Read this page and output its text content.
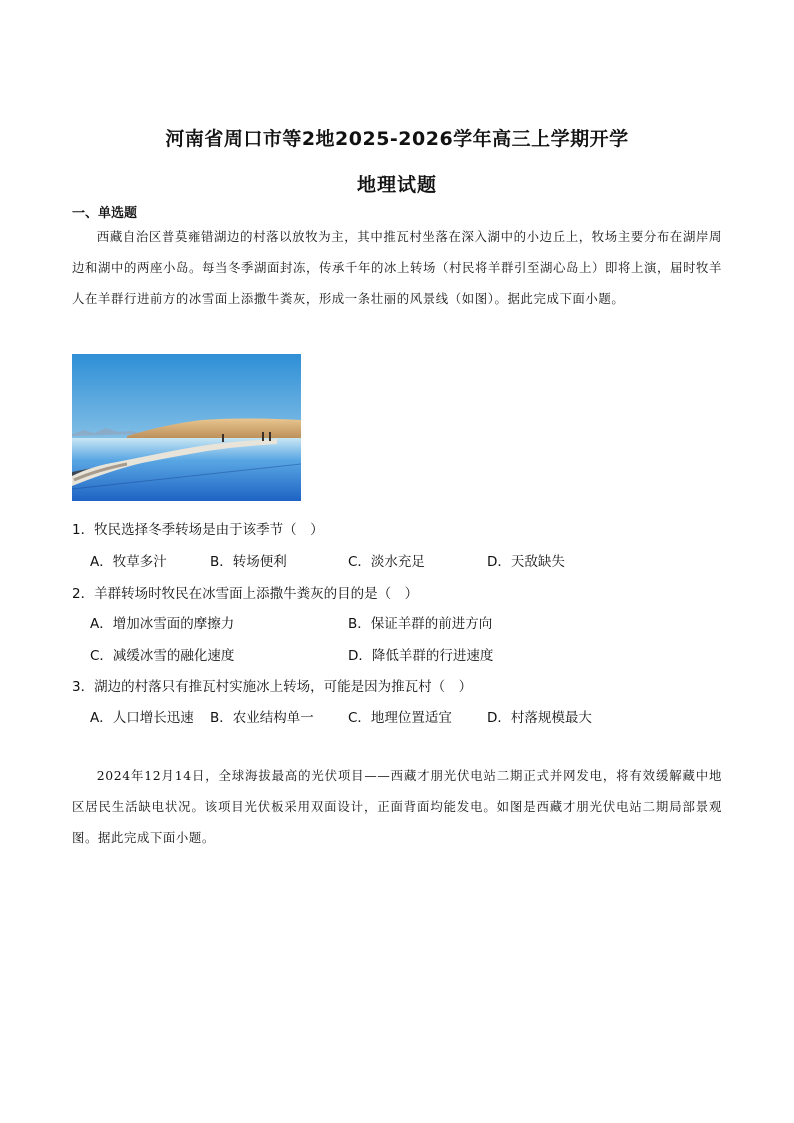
河南省周口市等2地2025-2026学年高三上学期开学
地理试题
一、单选题
西藏自治区普莫雍错湖边的村落以放牧为主，其中推瓦村坐落在深入湖中的小边丘上，牧场主要分布在湖岸周边和湖中的两座小岛。每当冬季湖面封冻，传承千年的冰上转场（村民将羊群引至湖心岛上）即将上演，届时牧羊人在羊群行进前方的冰雪面上添撒牛粪灰，形成一条壮丽的风景线（如图）。据此完成下面小题。
1．牧民选择冬季转场是由于该季节（　）
A．牧草多汁	B．转场便利	C．淡水充足	D．天敌缺失
2．羊群转场时牧民在冰雪面上添撒牛粪灰的目的是（　）
A．增加冰雪面的摩擦力	B．保证羊群的前进方向
C．减缓冰雪的融化速度	D．降低羊群的行进速度
3．湖边的村落只有推瓦村实施冰上转场，可能是因为推瓦村（　）
A．人口增长迅速 B．农业结构单一	C．地理位置适宜	D．村落规模最大
2024年12月14日，全球海拔最高的光伏项目——西藏才朋光伏电站二期正式并网发电，将有效缓解藏中地区居民生活缺电状况。该项目光伏板采用双面设计，正面背面均能发电。如图是西藏才朋光伏电站二期局部景观图。据此完成下面小题。
